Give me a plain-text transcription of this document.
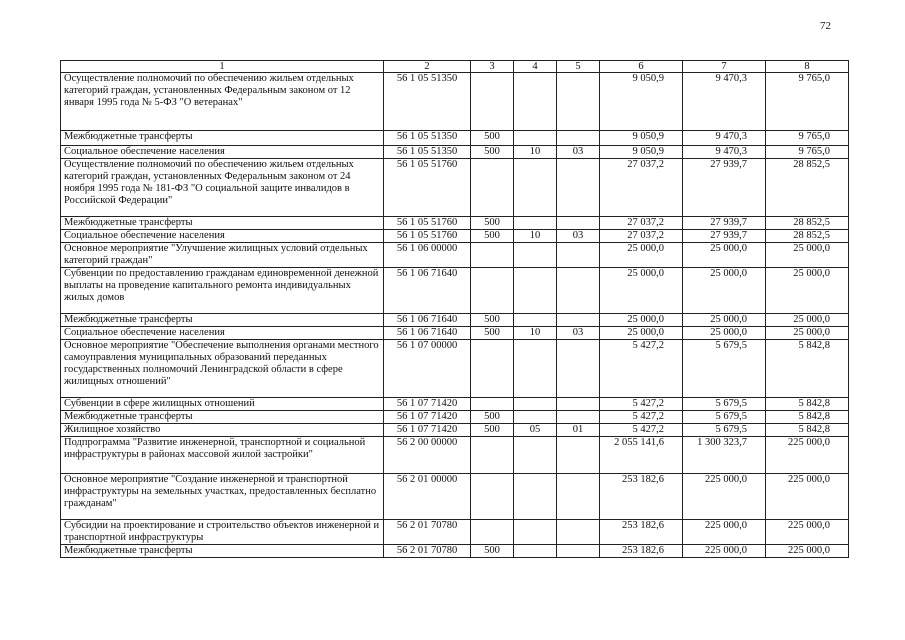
72
1	2	3	4	5	6	7	8
Осуществление полномочий по обеспечению жильем отдельных категорий граждан, установленных Федеральным законом от 12 января 1995 года № 5-ФЗ "О ветеранах"	56 1 05 51350				9 050,9	9 470,3	9 765,0
Межбюджетные трансферты	56 1 05 51350	500			9 050,9	9 470,3	9 765,0
Социальное обеспечение населения	56 1 05 51350	500	10	03	9 050,9	9 470,3	9 765,0
Осуществление полномочий по обеспечению жильем отдельных категорий граждан, установленных Федеральным законом от 24 ноября 1995 года № 181-ФЗ "О социальной защите инвалидов в Российской Федерации"	56 1 05 51760				27 037,2	27 939,7	28 852,5
Межбюджетные трансферты	56 1 05 51760	500			27 037,2	27 939,7	28 852,5
Социальное обеспечение населения	56 1 05 51760	500	10	03	27 037,2	27 939,7	28 852,5
Основное мероприятие "Улучшение жилищных условий отдельных категорий граждан"	56 1 06 00000				25 000,0	25 000,0	25 000,0
Субвенции по предоставлению гражданам единовременной денежной выплаты на проведение капитального ремонта индивидуальных жилых домов	56 1 06 71640				25 000,0	25 000,0	25 000,0
Межбюджетные трансферты	56 1 06 71640	500			25 000,0	25 000,0	25 000,0
Социальное обеспечение населения	56 1 06 71640	500	10	03	25 000,0	25 000,0	25 000,0
Основное мероприятие "Обеспечение выполнения органами местного самоуправления муниципальных образований переданных государственных полномочий Ленинградской области в сфере жилищных отношений"	56 1 07 00000				5 427,2	5 679,5	5 842,8
Субвенции в сфере жилищных отношений	56 1 07 71420				5 427,2	5 679,5	5 842,8
Межбюджетные трансферты	56 1 07 71420	500			5 427,2	5 679,5	5 842,8
Жилищное хозяйство	56 1 07 71420	500	05	01	5 427,2	5 679,5	5 842,8
Подпрограмма "Развитие инженерной, транспортной и социальной инфраструктуры в районах массовой жилой застройки"	56 2 00 00000				2 055 141,6	1 300 323,7	225 000,0
Основное мероприятие "Создание инженерной и транспортной инфраструктуры на земельных участках, предоставленных бесплатно гражданам"	56 2 01 00000				253 182,6	225 000,0	225 000,0
Субсидии на проектирование и строительство объектов инженерной и транспортной инфраструктуры	56 2 01 70780				253 182,6	225 000,0	225 000,0
Межбюджетные трансферты	56 2 01 70780	500			253 182,6	225 000,0	225 000,0
